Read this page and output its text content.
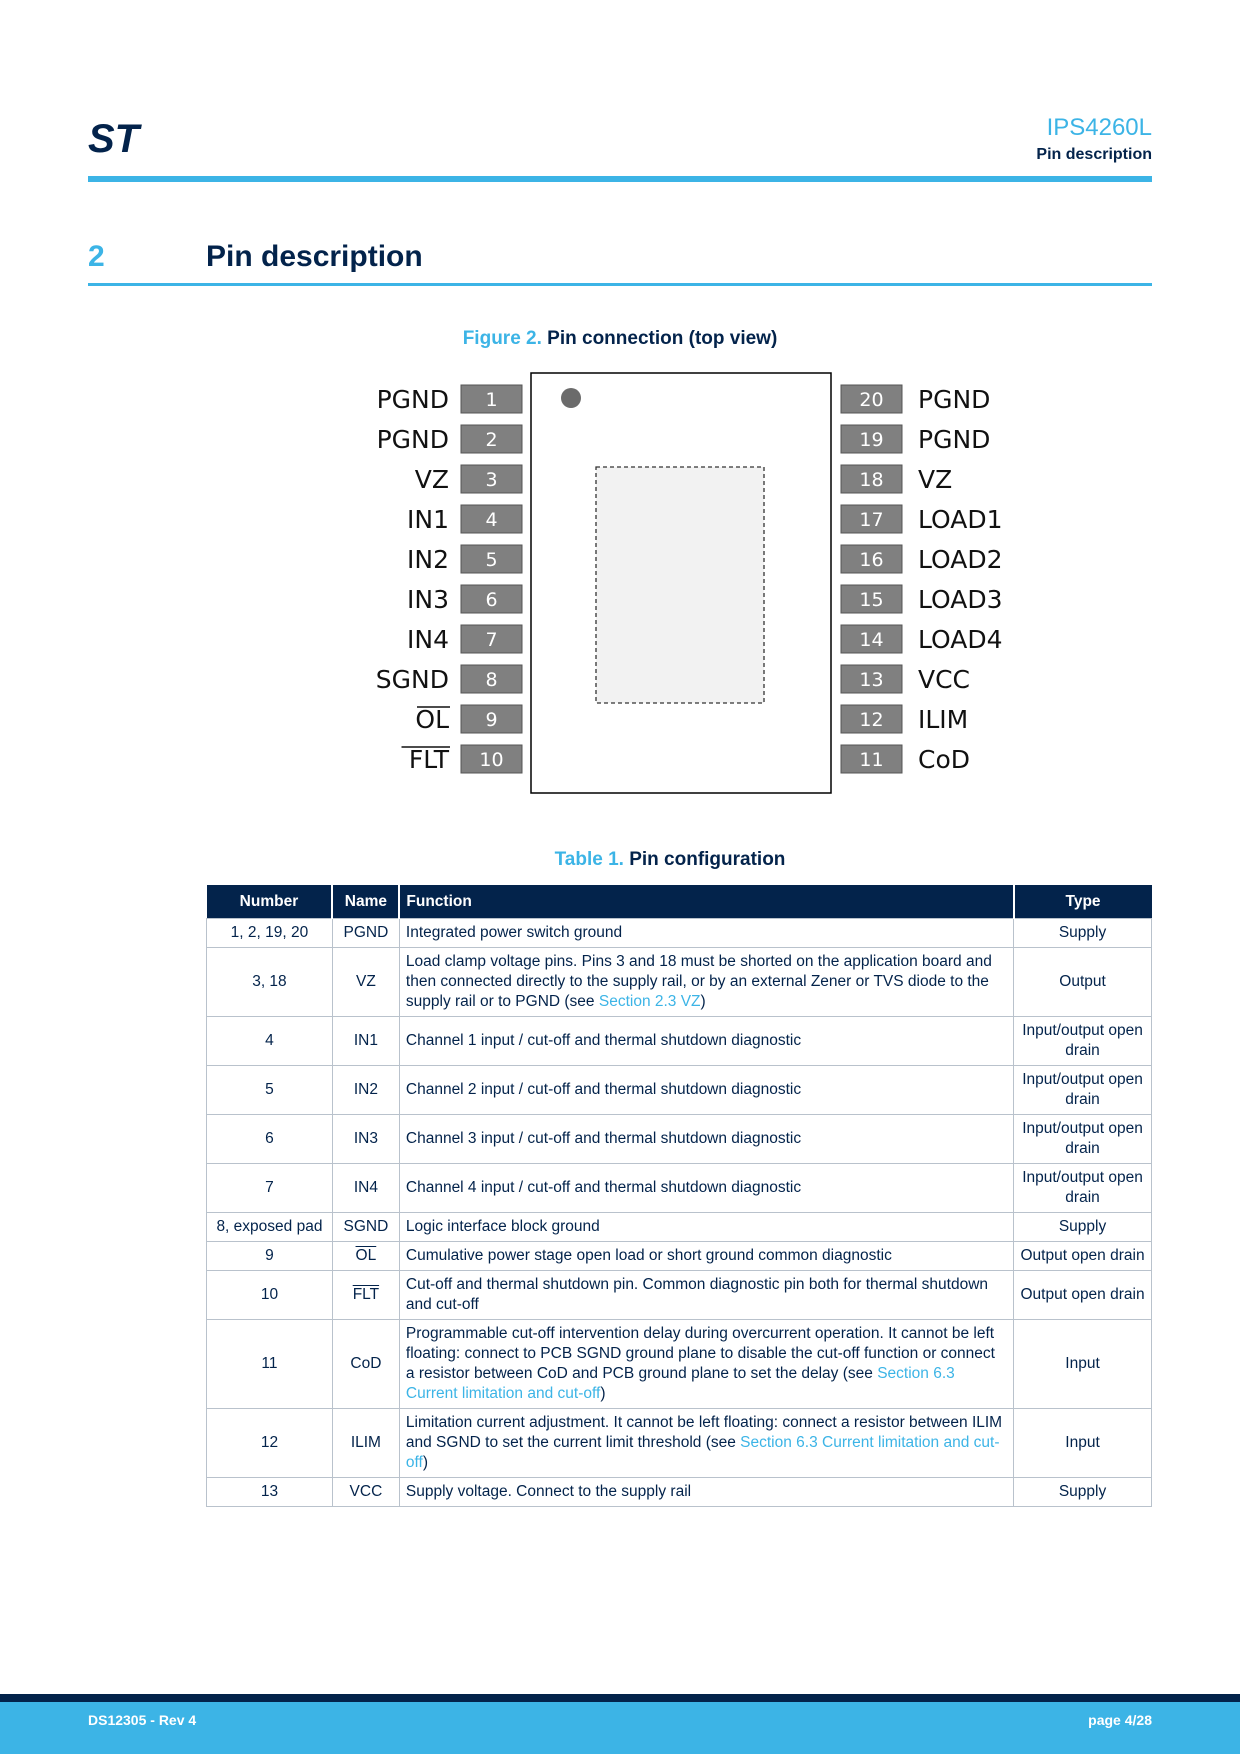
ST	IPS4260L
Pin description
2	Pin description
Figure 2. Pin connection (top view)
1
PGND
2
PGND
3
VZ
4
IN1
5
IN2
6
IN3
7
IN4
8
SGND
9
OL
10
FLT
20 PGND
19 PGND
18 VZ
17 LOAD1
16 LOAD2
15 LOAD3
14 LOAD4
13 VCC
12 ILIM
11 CoD
Table 1. Pin configuration
Number	Name	Function	Type
1, 2, 19, 20	PGND	Integrated power switch ground	Supply
3, 18	VZ	Load clamp voltage pins. Pins 3 and 18 must be shorted on the application board and then connected directly to the supply rail, or by an external Zener or TVS diode to the supply rail or to PGND (see Section 2.3 VZ)	Output
4	IN1	Channel 1 input / cut-off and thermal shutdown diagnostic	Input/output open drain
5	IN2	Channel 2 input / cut-off and thermal shutdown diagnostic	Input/output open drain
6	IN3	Channel 3 input / cut-off and thermal shutdown diagnostic	Input/output open drain
7	IN4	Channel 4 input / cut-off and thermal shutdown diagnostic	Input/output open drain
8, exposed pad	SGND	Logic interface block ground	Supply
9	$\overline{OL}$	Cumulative power stage open load or short ground common diagnostic	Output open drain
10	$\overline{FLT}$	Cut-off and thermal shutdown pin. Common diagnostic pin both for thermal shutdown and cut-off	Output open drain
11	CoD	Programmable cut-off intervention delay during overcurrent operation. It cannot be left floating: connect to PCB SGND ground plane to disable the cut-off function or connect a resistor between CoD and PCB ground plane to set the delay (see Section 6.3 Current limitation and cut-off)	Input
12	ILIM	Limitation current adjustment. It cannot be left floating: connect a resistor between ILIM and SGND to set the current limit threshold (see Section 6.3 Current limitation and cut-off)	Input
13	VCC	Supply voltage. Connect to the supply rail	Supply
DS12305 - Rev 4	page 4/28
